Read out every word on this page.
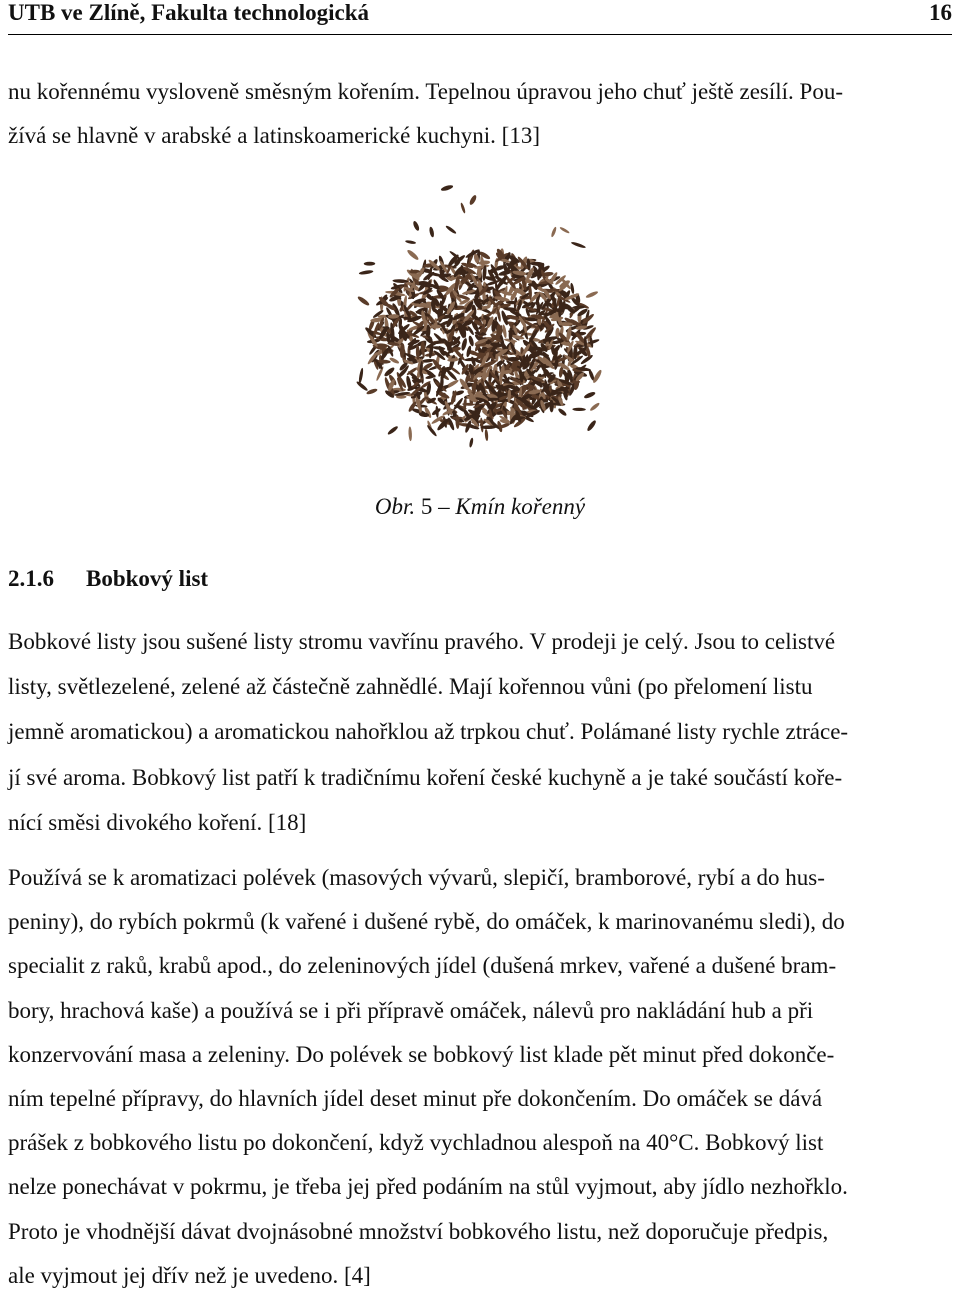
UTB ve Zlíně, Fakulta technologická	16
nu kořennému vysloveně směsným kořením. Tepelnou úpravou jeho chuť ještě zesílí. Pou-
žívá se hlavně v arabské a latinskoamerické kuchyni. [13]
Obr. 5 – Kmín kořenný
2.1.6 Bobkový list
Bobkové listy jsou sušené listy stromu vavřínu pravého. V prodeji je celý. Jsou to celistvé
listy, světlezelené, zelené až částečně zahnědlé. Mají kořennou vůni (po přelomení listu
jemně aromatickou) a aromatickou nahořklou až trpkou chuť. Polámané listy rychle ztráce-
jí své aroma. Bobkový list patří k tradičnímu koření české kuchyně a je také součástí koře-
nící směsi divokého koření. [18]
Používá se k aromatizaci polévek (masových vývarů, slepičí, bramborové, rybí a do hus-
peniny), do rybích pokrmů (k vařené i dušené rybě, do omáček, k marinovanému sledi), do
specialit z raků, krabů apod., do zeleninových jídel (dušená mrkev, vařené a dušené bram-
bory, hrachová kaše) a používá se i při přípravě omáček, nálevů pro nakládání hub a při
konzervování masa a zeleniny. Do polévek se bobkový list klade pět minut před dokonče-
ním tepelné přípravy, do hlavních jídel deset minut pře dokončením. Do omáček se dává
prášek z bobkového listu po dokončení, když vychladnou alespoň na 40°C. Bobkový list
nelze ponechávat v pokrmu, je třeba jej před podáním na stůl vyjmout, aby jídlo nezhořklo.
Proto je vhodnější dávat dvojnásobné množství bobkového listu, než doporučuje předpis,
ale vyjmout jej dřív než je uvedeno. [4]
